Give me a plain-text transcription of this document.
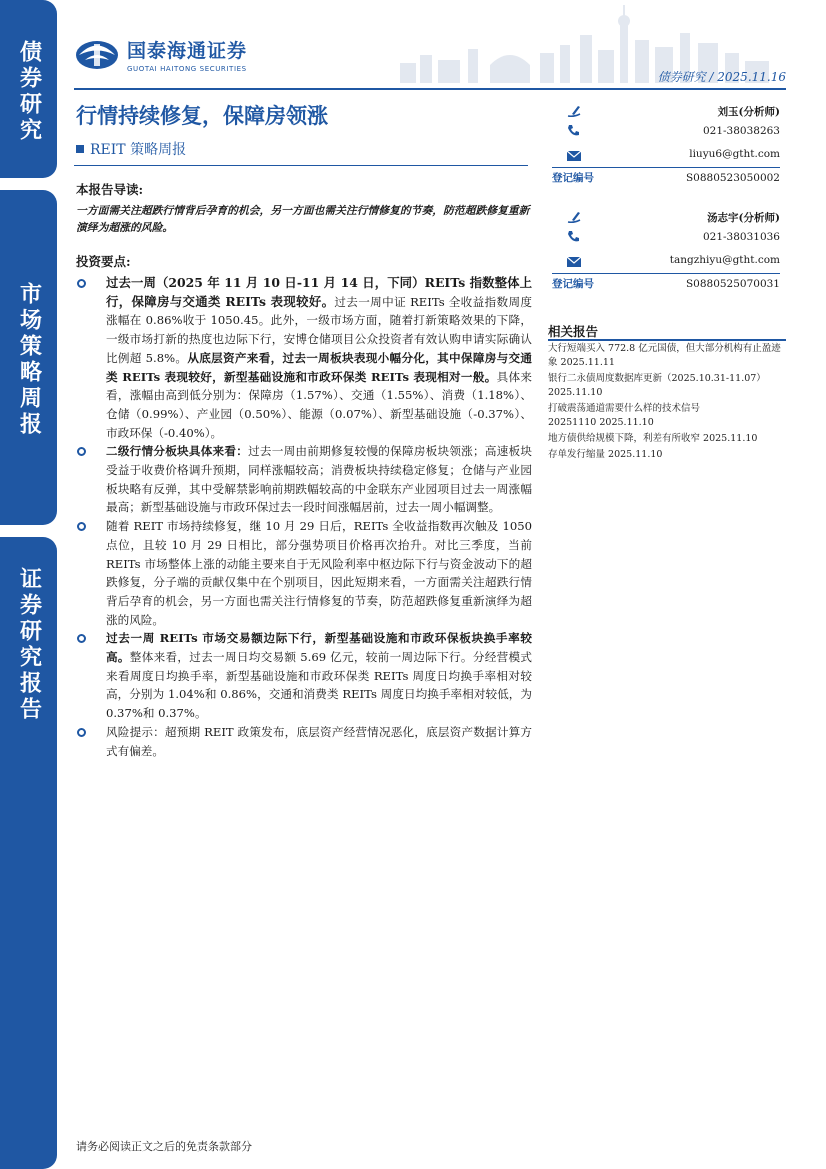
债券研究
市场策略周报
证券研究报告
国泰海通证券
GUOTAI HAITONG SECURITIES
债券研究 / 2025.11.16
行情持续修复，保障房领涨
REIT 策略周报
刘玉(分析师)
021-38038263
liuyu6@gtht.com
登记编号	S0880523050002
汤志宇(分析师)
021-38031036
tangzhiyu@gtht.com
登记编号	S0880525070031
相关报告
大行短端买入 772.8 亿元国债，但大部分机构有止盈迹象 2025.11.11
银行二永债周度数据库更新（2025.10.31-11.07） 2025.11.10
打破震荡通道需要什么样的技术信号 20251110 2025.11.10
地方债供给规模下降，利差有所收窄 2025.11.10
存单发行缩量 2025.11.10
本报告导读:
一方面需关注超跌行情背后孕育的机会，另一方面也需关注行情修复的节奏，防范超跌修复重新演绎为超涨的风险。
投资要点:
过去一周（2025 年 11 月 10 日-11 月 14 日，下同）REITs 指数整体上行，保障房与交通类 REITs 表现较好。过去一周中证 REITs 全收益指数周度涨幅在 0.86%收于 1050.45。此外，一级市场方面，随着打新策略效果的下降，一级市场打新的热度也边际下行，安博仓储项目公众投资者有效认购申请实际确认比例超 5.8%。从底层资产来看，过去一周板块表现小幅分化，其中保障房与交通类 REITs 表现较好，新型基础设施和市政环保类 REITs 表现相对一般。具体来看，涨幅由高到低分别为：保障房（1.57%）、交通（1.55%）、消费（1.18%）、仓储（0.99%）、产业园（0.50%）、能源（0.07%）、新型基础设施（-0.37%）、市政环保（-0.40%）。
二级行情分板块具体来看：过去一周由前期修复较慢的保障房板块领涨；高速板块受益于收费价格调升预期，同样涨幅较高；消费板块持续稳定修复；仓储与产业园板块略有反弹，其中受解禁影响前期跌幅较高的中金联东产业园项目过去一周涨幅最高；新型基础设施与市政环保过去一段时间涨幅居前，过去一周小幅调整。
随着 REIT 市场持续修复，继 10 月 29 日后，REITs 全收益指数再次触及 1050 点位，且较 10 月 29 日相比，部分强势项目价格再次抬升。对比三季度，当前 REITs 市场整体上涨的动能主要来自于无风险利率中枢边际下行与资金波动下的超跌修复，分子端的贡献仅集中在个别项目，因此短期来看，一方面需关注超跌行情背后孕育的机会，另一方面也需关注行情修复的节奏，防范超跌修复重新演绎为超涨的风险。
过去一周 REITs 市场交易额边际下行，新型基础设施和市政环保板块换手率较高。整体来看，过去一周日均交易额 5.69 亿元，较前一周边际下行。分经营模式来看周度日均换手率，新型基础设施和市政环保类 REITs 周度日均换手率相对较高，分别为 1.04%和 0.86%，交通和消费类 REITs 周度日均换手率相对较低，为 0.37%和 0.37%。
风险提示：超预期 REIT 政策发布，底层资产经营情况恶化，底层资产数据计算方式有偏差。
请务必阅读正文之后的免责条款部分
